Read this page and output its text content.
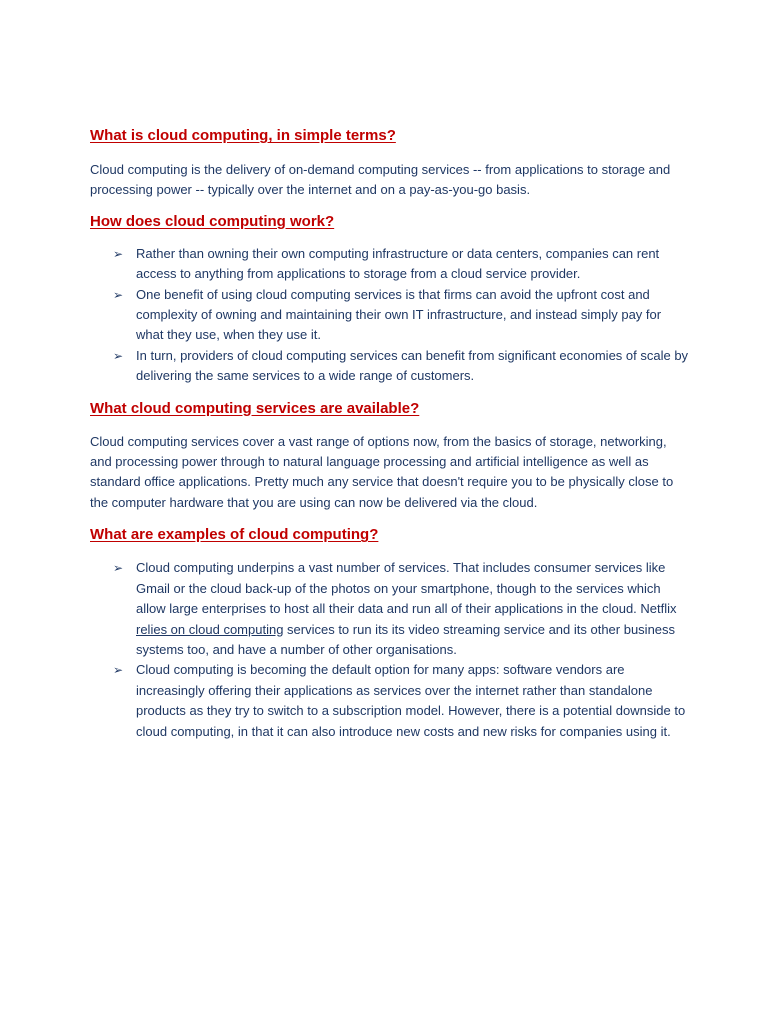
What is cloud computing, in simple terms?

Cloud computing is the delivery of on-demand computing services -- from applications to storage and processing power -- typically over the internet and on a pay-as-you-go basis.

How does cloud computing work?
➢ Rather than owning their own computing infrastructure or data centers, companies can rent access to anything from applications to storage from a cloud service provider.
➢ One benefit of using cloud computing services is that firms can avoid the upfront cost and complexity of owning and maintaining their own IT infrastructure, and instead simply pay for what they use, when they use it.
➢ In turn, providers of cloud computing services can benefit from significant economies of scale by delivering the same services to a wide range of customers.
What cloud computing services are available?

Cloud computing services cover a vast range of options now, from the basics of storage, networking, and processing power through to natural language processing and artificial intelligence as well as standard office applications. Pretty much any service that doesn't require you to be physically close to the computer hardware that you are using can now be delivered via the cloud.

What are examples of cloud computing?
➢ Cloud computing underpins a vast number of services. That includes consumer services like Gmail or the cloud back-up of the photos on your smartphone, though to the services which allow large enterprises to host all their data and run all of their applications in the cloud. Netflix relies on cloud computing services to run its its video streaming service and its other business systems too, and have a number of other organisations.
➢ Cloud computing is becoming the default option for many apps: software vendors are increasingly offering their applications as services over the internet rather than standalone products as they try to switch to a subscription model. However, there is a potential downside to cloud computing, in that it can also introduce new costs and new risks for companies using it.
